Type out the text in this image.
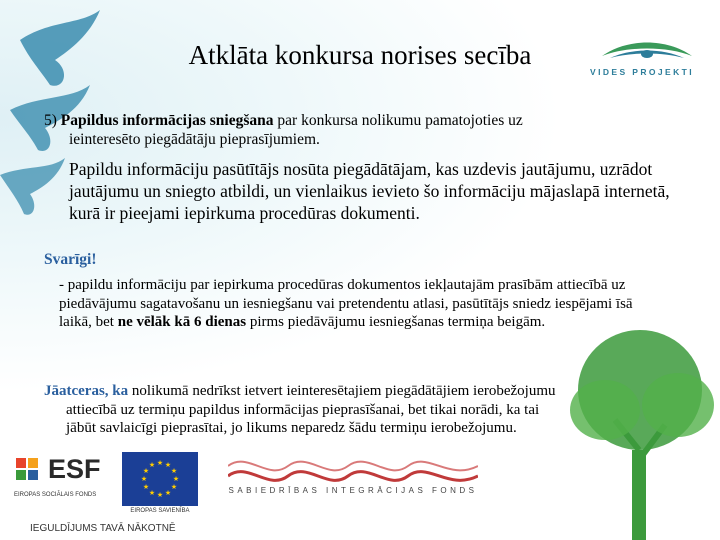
Atklāta konkursa norises secība
VIDES PROJEKTI
5) Papildus informācijas sniegšana par konkursa nolikumu pamatojoties uz
ieinteresēto piegādātāju pieprasījumiem.
Papildu informāciju pasūtītājs nosūta piegādātājam, kas uzdevis jautājumu, uzrādot jautājumu un sniegto atbildi, un vienlaikus ievieto šo informāciju mājaslapā internetā, kurā ir pieejami iepirkuma procedūras dokumenti.
Svarīgi!
- papildu informāciju par iepirkuma procedūras dokumentos iekļautajām prasībām attiecībā uz piedāvājumu sagatavošanu un iesniegšanu vai pretendentu atlasi, pasūtītājs sniedz iespējami īsā laikā, bet ne vēlāk kā 6 dienas pirms piedāvājumu iesniegšanas termiņa beigām.
Jāatceras, ka nolikumā nedrīkst ietvert ieinteresētajiem piegādātājiem ierobežojumu
attiecībā uz termiņu papildus informācijas pieprasīšanai, bet tikai norādi, ka tai
jābūt savlaicīgi pieprasītai, jo likums neparedz šādu termiņu ierobežojumu.
ESF
EIROPAS SOCIĀLAIS FONDS
IEGULDĪJUMS TAVĀ NĀKOTNĒ
★ ★
★
★
★
★
★
★
★
★
★
★
EIROPAS SAVIENĪBA
SABIEDRĪBAS INTEGRĀCIJAS FONDS
